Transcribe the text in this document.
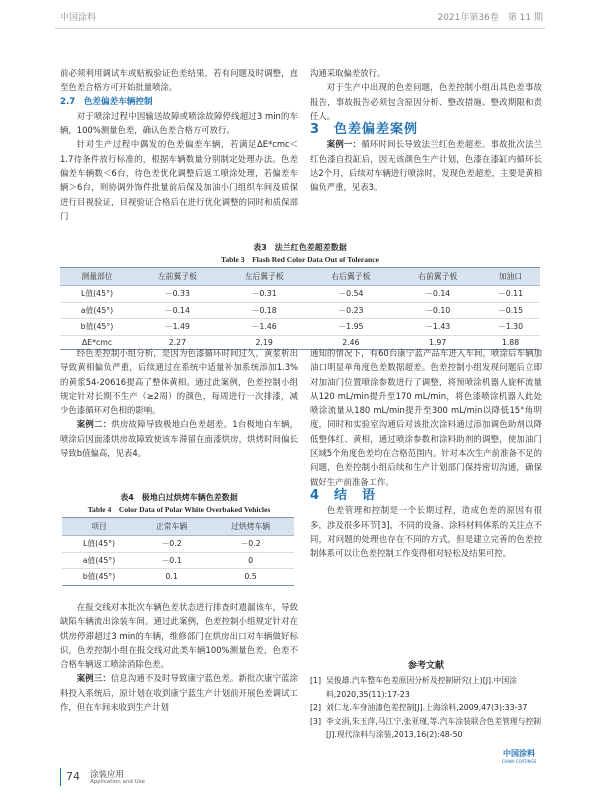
中国涂料	2021年第36卷　第 11 期

前必须利用调试车或贴板验证色差结果，若有问题及时调整，直至色差合格方可开始批量喷涂。

2.7　色差偏差车辆控制

对于喷涂过程中因输送故障或喷涂故障停线超过3 min的车辆，100%测量色差，确认色差合格方可放行。

针对生产过程中偶发的色差偏差车辆，若满足ΔE*cmc＜1.7待条件放行标准的，根据车辆数量分别制定处理办法。色差偏差车辆数＜6台，待色差优化调整后返工喷涂处理，若偏差车辆＞6台，则协调外饰件批量前后保及加油小门组织车间及质保进行目视验证，目视验证合格后在进行优化调整的同时和质保部门

沟通采取偏差放行。

对于生产中出现的色差问题，色差控制小组出具色差事故报告，事故报告必须包含原因分析、整改措施、整改期限和责任人。

3　色差偏差案例

案例一：循环时间长导致法兰红色差超差。事故批次法兰红色漆自投缸后，因无该颜色生产计划，色漆在漆缸内循环长达2个月，后续对车辆进行喷涂时，发现色差超差，主要是黄相偏负严重，见表3。

表3　法兰红色差超差数据
Table 3　Flash Red Color Data Out of Tolerance
测量部位	左前翼子板	左后翼子板	右后翼子板	右前翼子板	加油口
L值(45°)	－0.33	－0.31	－0.54	－0.14	－0.11
a值(45°)	－0.14	－0.18	－0.23	－0.10	－0.15
b值(45°)	－1.49	－1.46	－1.95	－1.43	－1.30
ΔE*cmc	2.27	2.19	2.46	1.97	1.88

经色差控制小组分析，是因为色漆循环时间过久，黄浆析出导致黄相偏负严重，后续通过在系统中适量补加系统添加1.3%的黄浆54-20616提高了整体黄相。通过此案例，色差控制小组规定针对长期不生产（≥2周）的颜色，每周进行一次排漆，减少色漆循环对色相的影响。

案例二：烘房故障导致极地白色差超差。1台极地白车辆，喷涂后因面漆烘房故障致使该车滞留在面漆烘房，烘烤时间偏长导致b值偏高，见表4。

表4　极地白过烘烤车辆色差数据
Table 4　Color Data of Polar White Overbaked Vehicles
项目	正常车辆	过烘烤车辆
L值(45°)	－0.2	－0.2
a值(45°)	－0.1	0
b值(45°)	0.1	0.5

在报交线对本批次车辆色差状态进行排查时遗漏该车，导致缺陷车辆流出涂装车间。通过此案例，色差控制小组规定针对在烘房停滞超过3 min的车辆，维修部门在烘房出口对车辆做好标识，色差控制小组在报交线对此类车辆100%测量色差，色差不合格车辆返工喷涂消除色差。

案例三：信息沟通不及时导致康宁蓝色差。新批次康宁蓝涂料投入系统后，原计划在收到康宁蓝生产计划前开展色差调试工作，但在车间未收到生产计划

通知的情况下，有60台康宁蓝产品车进入车间，喷涂后车辆加油口明显单角度色差数据超差。色差控制小组发现问题后立即对加油门位置喷涂参数进行了调整，将预喷涂机器人旋杯流量从120 mL/min提升至170 mL/min，将色漆喷涂机器人此处喷涂流量从180 mL/min提升至300 mL/min以降低15°角明度，同时和实验室沟通后对该批次涂料通过添加调色助剂以降低整体红、黄相，通过喷涂参数和涂料助剂的调整，使加油门区域5个角度色差均在合格范围内。针对本次生产前准备不足的问题，色差控制小组后续和生产计划部门保持密切沟通，确保做好生产前准备工作。

4　结　语

色差管理和控制是一个长期过程，造成色差的原因有很多，涉及很多环节[3]，不同的设备、涂料材料体系的关注点不同，对问题的处理也存在不同的方式，但是建立完善的色差控制体系可以让色差控制工作变得相对轻松及结果可控。

参考文献
[1] 吴俊雄.汽车整车色差原因分析及控制研究(上)[J].中国涂料,2020,35(11):17-23
[2] 刘仁龙.车身油漆色差控制[J].上海涂料,2009,47(3):33-37
[3] 李文涓,朱玉萍,马江宁,张亚瑾,等.汽车涂装联合色差管理与控制[J].现代涂料与涂装,2013,16(2):48-50
74 涂装应用
Application and Use
中国涂料
CHINA COATINGS
